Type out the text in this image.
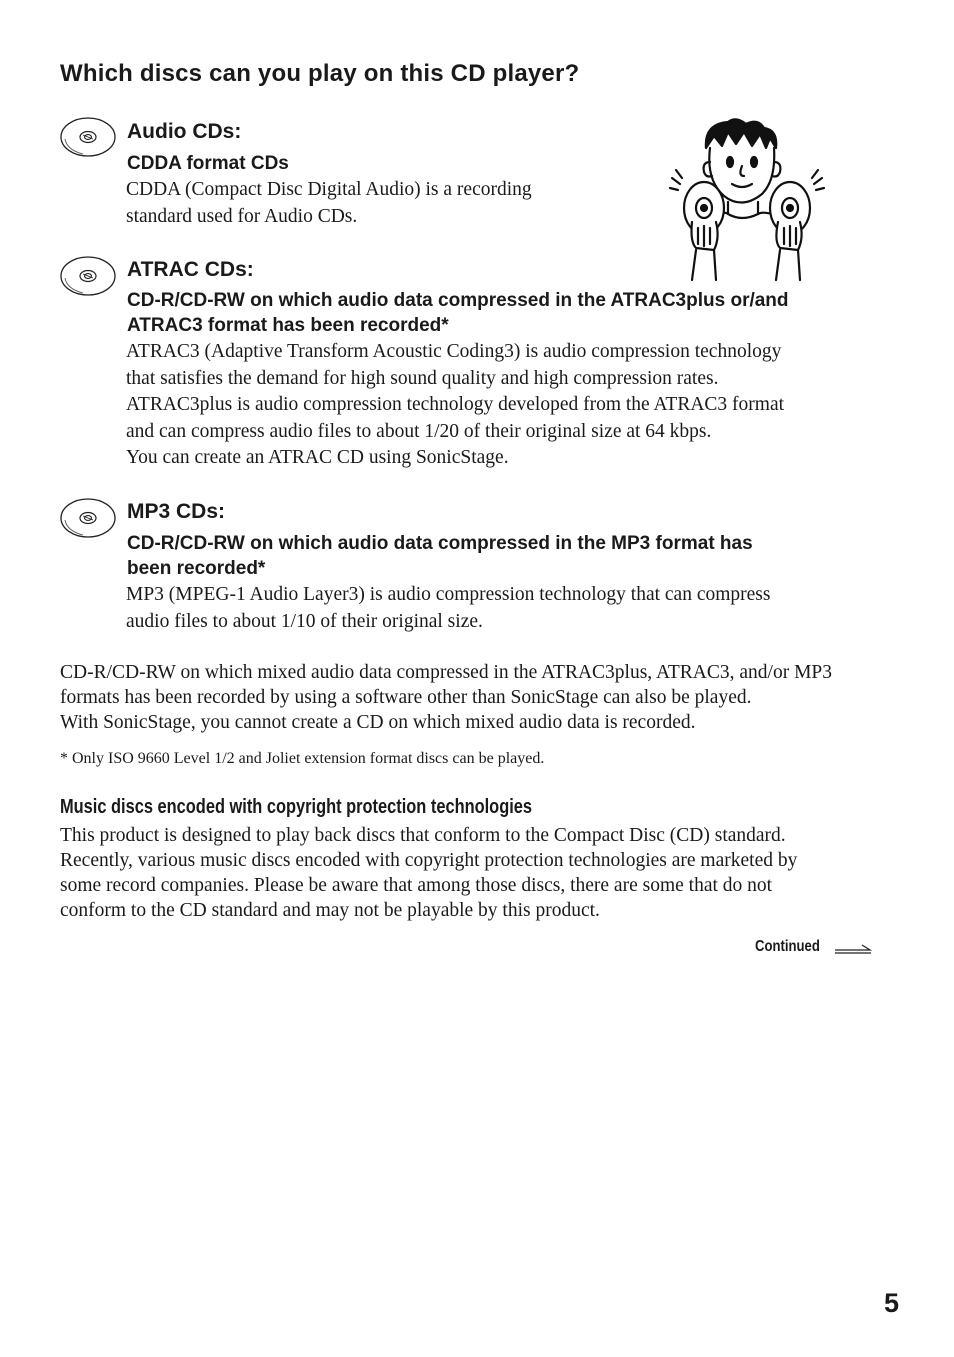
Which discs can you play on this CD player?
Audio CDs:
CDDA format CDs
CDDA (Compact Disc Digital Audio) is a recording
standard used for Audio CDs.
ATRAC CDs:
CD-R/CD-RW on which audio data compressed in the ATRAC3plus or/and
ATRAC3 format has been recorded*
ATRAC3 (Adaptive Transform Acoustic Coding3) is audio compression technology
that satisfies the demand for high sound quality and high compression rates.
ATRAC3plus is audio compression technology developed from the ATRAC3 format
and can compress audio files to about 1/20 of their original size at 64 kbps.
You can create an ATRAC CD using SonicStage.
MP3 CDs:
CD-R/CD-RW on which audio data compressed in the MP3 format has
been recorded*
MP3 (MPEG-1 Audio Layer3) is audio compression technology that can compress
audio files to about 1/10 of their original size.
CD-R/CD-RW on which mixed audio data compressed in the ATRAC3plus, ATRAC3, and/or MP3
formats has been recorded by using a software other than SonicStage can also be played.
With SonicStage, you cannot create a CD on which mixed audio data is recorded.
* Only ISO 9660 Level 1/2 and Joliet extension format discs can be played.
Music discs encoded with copyright protection technologies
This product is designed to play back discs that conform to the Compact Disc (CD) standard.
Recently, various music discs encoded with copyright protection technologies are marketed by
some record companies. Please be aware that among those discs, there are some that do not
conform to the CD standard and may not be playable by this product.
Continued
5
